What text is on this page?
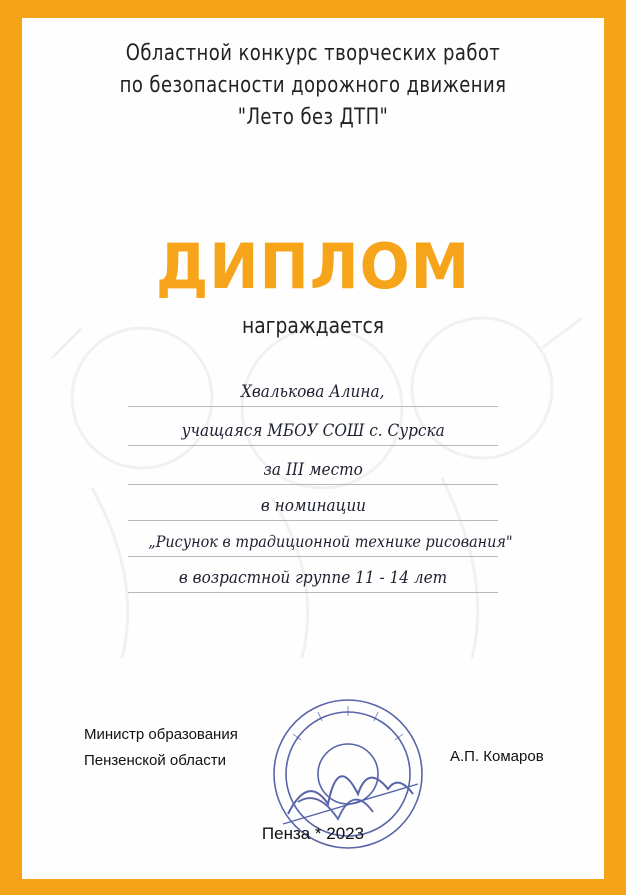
Областной конкурс творческих работ
по безопасности дорожного движения
"Лето без ДТП"
ДИПЛОМ
награждается
Хвалькова Алина,
учащаяся МБОУ СОШ с. Сурска
за III место
в номинации
„Рисунок в традиционной технике рисования"
в возрастной группе 11 - 14 лет
Министр образования
Пензенской области	А.П. Комаров
Пенза * 2023
